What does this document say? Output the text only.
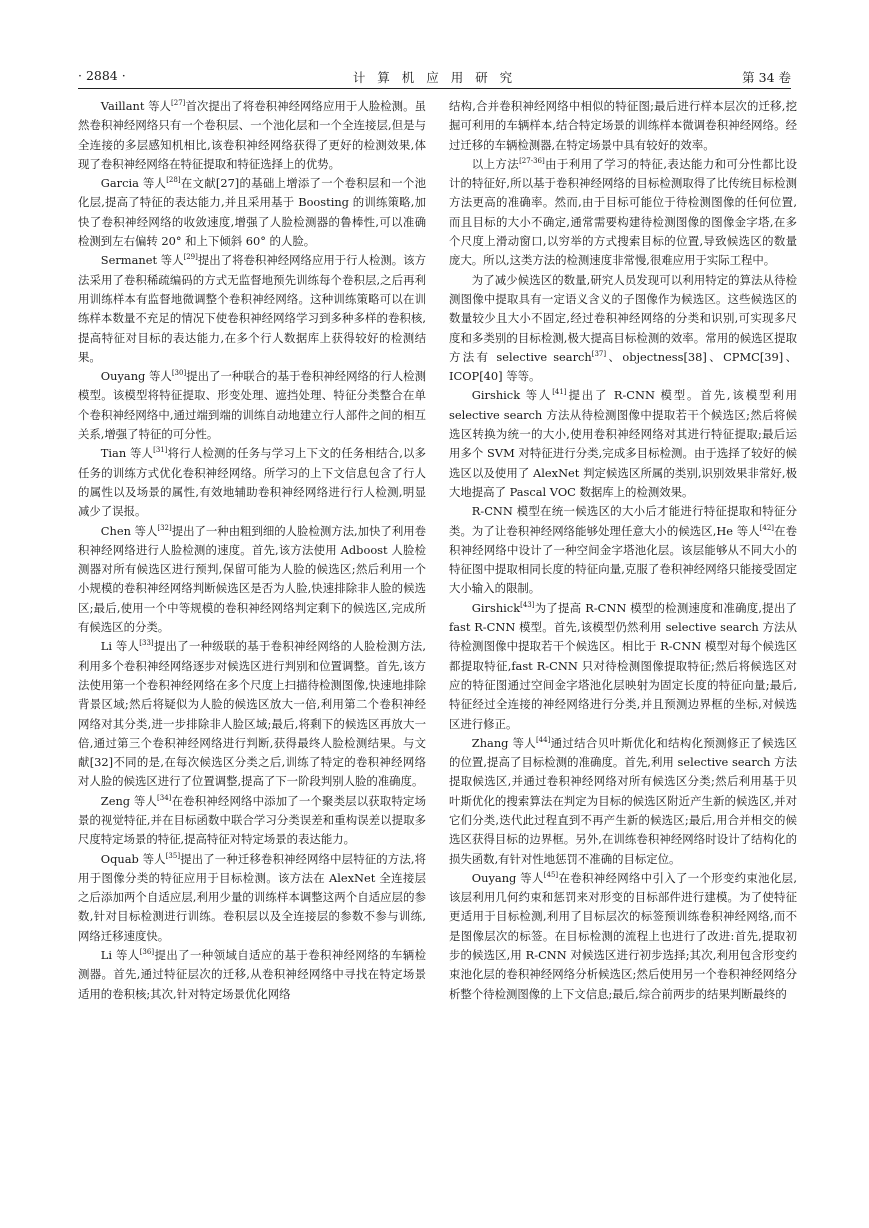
· 2884 ·	计 算 机 应 用 研 究	第 34 卷

Vaillant 等人[27]首次提出了将卷积神经网络应用于人脸检测。虽然卷积神经网络只有一个卷积层、一个池化层和一个全连接层,但是与全连接的多层感知机相比,该卷积神经网络获得了更好的检测效果,体现了卷积神经网络在特征提取和特征选择上的优势。

Garcia 等人[28]在文献[27]的基础上增添了一个卷积层和一个池化层,提高了特征的表达能力,并且采用基于 Boosting 的训练策略,加快了卷积神经网络的收敛速度,增强了人脸检测器的鲁棒性,可以准确检测到左右偏转 20° 和上下倾斜 60° 的人脸。

Sermanet 等人[29]提出了将卷积神经网络应用于行人检测。该方法采用了卷积稀疏编码的方式无监督地预先训练每个卷积层,之后再利用训练样本有监督地微调整个卷积神经网络。这种训练策略可以在训练样本数量不充足的情况下使卷积神经网络学习到多种多样的卷积核,提高特征对目标的表达能力,在多个行人数据库上获得较好的检测结果。

Ouyang 等人[30]提出了一种联合的基于卷积神经网络的行人检测模型。该模型将特征提取、形变处理、遮挡处理、特征分类整合在单个卷积神经网络中,通过端到端的训练自动地建立行人部件之间的相互关系,增强了特征的可分性。

Tian 等人[31]将行人检测的任务与学习上下文的任务相结合,以多任务的训练方式优化卷积神经网络。所学习的上下文信息包含了行人的属性以及场景的属性,有效地辅助卷积神经网络进行行人检测,明显减少了误报。

Chen 等人[32]提出了一种由粗到细的人脸检测方法,加快了利用卷积神经网络进行人脸检测的速度。首先,该方法使用 Adboost 人脸检测器对所有候选区进行预判,保留可能为人脸的候选区;然后利用一个小规模的卷积神经网络判断候选区是否为人脸,快速排除非人脸的候选区;最后,使用一个中等规模的卷积神经网络判定剩下的候选区,完成所有候选区的分类。

Li 等人[33]提出了一种级联的基于卷积神经网络的人脸检测方法,利用多个卷积神经网络逐步对候选区进行判别和位置调整。首先,该方法使用第一个卷积神经网络在多个尺度上扫描待检测图像,快速地排除背景区域;然后将疑似为人脸的候选区放大一倍,利用第二个卷积神经网络对其分类,进一步排除非人脸区域;最后,将剩下的候选区再放大一倍,通过第三个卷积神经网络进行判断,获得最终人脸检测结果。与文献[32]不同的是,在每次候选区分类之后,训练了特定的卷积神经网络对人脸的候选区进行了位置调整,提高了下一阶段判别人脸的准确度。

Zeng 等人[34]在卷积神经网络中添加了一个聚类层以获取特定场景的视觉特征,并在目标函数中联合学习分类误差和重构误差以提取多尺度特定场景的特征,提高特征对特定场景的表达能力。

Oquab 等人[35]提出了一种迁移卷积神经网络中层特征的方法,将用于图像分类的特征应用于目标检测。该方法在 AlexNet 全连接层之后添加两个自适应层,利用少量的训练样本调整这两个自适应层的参数,针对目标检测进行训练。卷积层以及全连接层的参数不参与训练,网络迁移速度快。

Li 等人[36]提出了一种领域自适应的基于卷积神经网络的车辆检测器。首先,通过特征层次的迁移,从卷积神经网络中寻找在特定场景适用的卷积核;其次,针对特定场景优化网络

结构,合并卷积神经网络中相似的特征图;最后进行样本层次的迁移,挖掘可利用的车辆样本,结合特定场景的训练样本微调卷积神经网络。经过迁移的车辆检测器,在特定场景中具有较好的效率。

以上方法[27-36]由于利用了学习的特征,表达能力和可分性都比设计的特征好,所以基于卷积神经网络的目标检测取得了比传统目标检测方法更高的准确率。然而,由于目标可能位于待检测图像的任何位置,而且目标的大小不确定,通常需要构建待检测图像的图像金字塔,在多个尺度上滑动窗口,以穷举的方式搜索目标的位置,导致候选区的数量庞大。所以,这类方法的检测速度非常慢,很难应用于实际工程中。

为了减少候选区的数量,研究人员发现可以利用特定的算法从待检测图像中提取具有一定语义含义的子图像作为候选区。这些候选区的数量较少且大小不固定,经过卷积神经网络的分类和识别,可实现多尺度和多类别的目标检测,极大提高目标检测的效率。常用的候选区提取方法有 selective search[37]、objectness[38]、CPMC[39]、ICOP[40] 等等。

Girshick 等人[41]提出了 R-CNN 模型。首先,该模型利用 selective search 方法从待检测图像中提取若干个候选区;然后将候选区转换为统一的大小,使用卷积神经网络对其进行特征提取;最后运用多个 SVM 对特征进行分类,完成多目标检测。由于选择了较好的候选区以及使用了 AlexNet 判定候选区所属的类别,识别效果非常好,极大地提高了 Pascal VOC 数据库上的检测效果。

R-CNN 模型在统一候选区的大小后才能进行特征提取和特征分类。为了让卷积神经网络能够处理任意大小的候选区,He 等人[42]在卷积神经网络中设计了一种空间金字塔池化层。该层能够从不同大小的特征图中提取相同长度的特征向量,克服了卷积神经网络只能接受固定大小输入的限制。

Girshick[43]为了提高 R-CNN 模型的检测速度和准确度,提出了 fast R-CNN 模型。首先,该模型仍然利用 selective search 方法从待检测图像中提取若干个候选区。相比于 R-CNN 模型对每个候选区都提取特征,fast R-CNN 只对待检测图像提取特征;然后将候选区对应的特征图通过空间金字塔池化层映射为固定长度的特征向量;最后,特征经过全连接的神经网络进行分类,并且预测边界框的坐标,对候选区进行修正。

Zhang 等人[44]通过结合贝叶斯优化和结构化预测修正了候选区的位置,提高了目标检测的准确度。首先,利用 selective search 方法提取候选区,并通过卷积神经网络对所有候选区分类;然后利用基于贝叶斯优化的搜索算法在判定为目标的候选区附近产生新的候选区,并对它们分类,迭代此过程直到不再产生新的候选区;最后,用合并相交的候选区获得目标的边界框。另外,在训练卷积神经网络时设计了结构化的损失函数,有针对性地惩罚不准确的目标定位。

Ouyang 等人[45]在卷积神经网络中引入了一个形变约束池化层,该层利用几何约束和惩罚来对形变的目标部件进行建模。为了使特征更适用于目标检测,利用了目标层次的标签预训练卷积神经网络,而不是图像层次的标签。在目标检测的流程上也进行了改进:首先,提取初步的候选区,用 R-CNN 对候选区进行初步选择;其次,利用包含形变约束池化层的卷积神经网络分析候选区;然后使用另一个卷积神经网络分析整个待检测图像的上下文信息;最后,综合前两步的结果判断最终的
